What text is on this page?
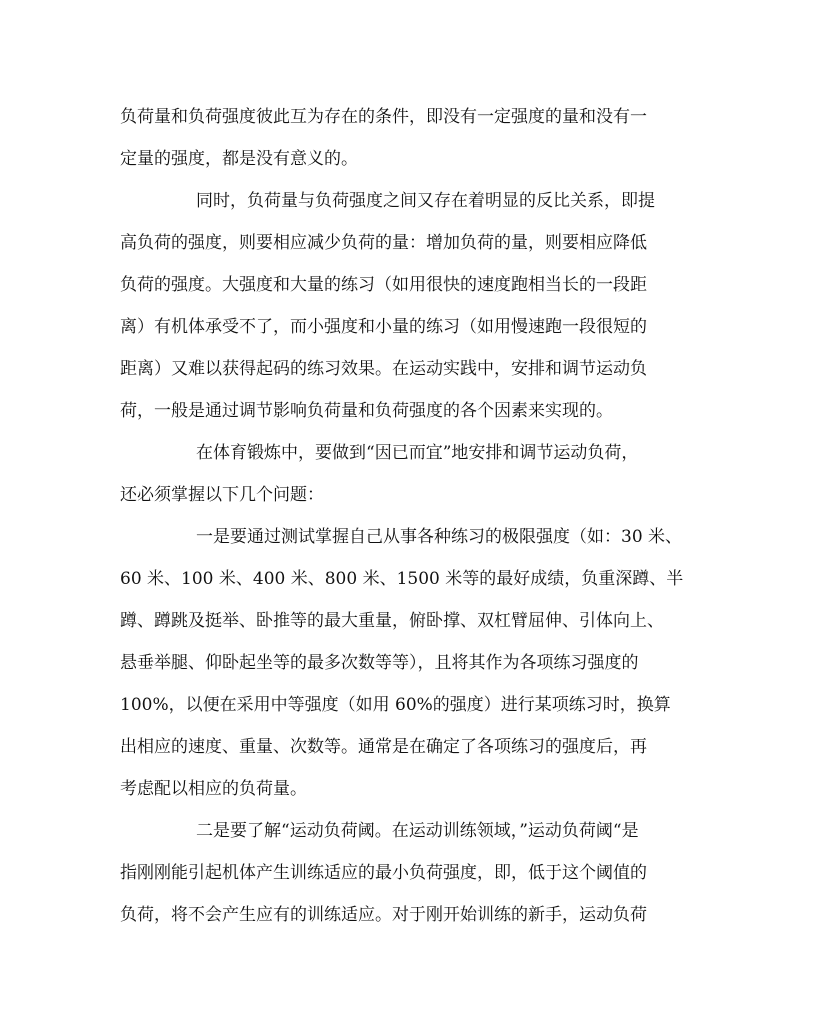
负荷量和负荷强度彼此互为存在的条件，即没有一定强度的量和没有一
定量的强度，都是没有意义的。
同时，负荷量与负荷强度之间又存在着明显的反比关系，即提
高负荷的强度，则要相应减少负荷的量：增加负荷的量，则要相应降低
负荷的强度。大强度和大量的练习（如用很快的速度跑相当长的一段距
离）有机体承受不了，而小强度和小量的练习（如用慢速跑一段很短的
距离）又难以获得起码的练习效果。在运动实践中，安排和调节运动负
荷，一般是通过调节影响负荷量和负荷强度的各个因素来实现的。
在体育锻炼中，要做到“因已而宜”地安排和调节运动负荷，
还必须掌握以下几个问题：
一是要通过测试掌握自己从事各种练习的极限强度（如：30 米、
60 米、100 米、400 米、800 米、1500 米等的最好成绩，负重深蹲、半
蹲、蹲跳及挺举、卧推等的最大重量，俯卧撑、双杠臂屈伸、引体向上、
悬垂举腿、仰卧起坐等的最多次数等等），且将其作为各项练习强度的
100%，以便在采用中等强度（如用 60%的强度）进行某项练习时，换算
出相应的速度、重量、次数等。通常是在确定了各项练习的强度后，再
考虑配以相应的负荷量。
二是要了解“运动负荷阈。在运动训练领域，”运动负荷阈“是
指刚刚能引起机体产生训练适应的最小负荷强度，即，低于这个阈值的
负荷，将不会产生应有的训练适应。对于刚开始训练的新手，运动负荷
